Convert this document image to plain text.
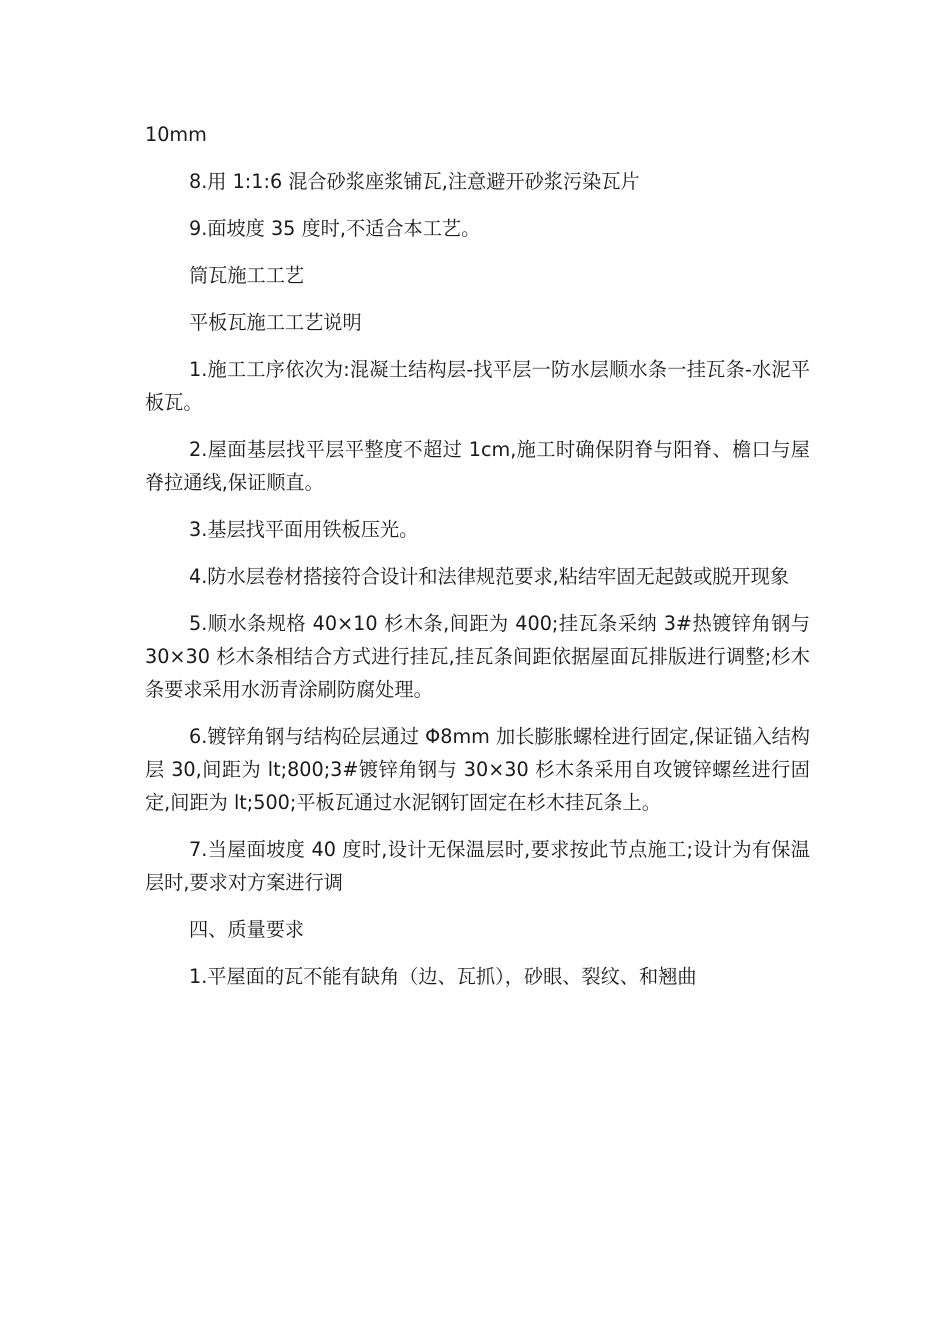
10mm

8.用 1:1:6 混合砂浆座浆铺瓦,注意避开砂浆污染瓦片

9.面坡度 35 度时,不适合本工艺。

筒瓦施工工艺

平板瓦施工工艺说明

1.施工工序依次为:混凝土结构层-找平层一防水层顺水条一挂瓦条-水泥平板瓦。

2.屋面基层找平层平整度不超过 1cm,施工时确保阴脊与阳脊、檐口与屋脊拉通线,保证顺直。

3.基层找平面用铁板压光。

4.防水层卷材搭接符合设计和法律规范要求,粘结牢固无起鼓或脱开现象

5.顺水条规格 40×10 杉木条,间距为 400;挂瓦条采纳 3#热镀锌角钢与 30×30 杉木条相结合方式进行挂瓦,挂瓦条间距依据屋面瓦排版进行调整;杉木条要求采用水沥青涂刷防腐处理。

6.镀锌角钢与结构砼层通过 Φ8mm 加长膨胀螺栓进行固定,保证锚入结构层 30,间距为 lt;800;3#镀锌角钢与 30×30 杉木条采用自攻镀锌螺丝进行固定,间距为 lt;500;平板瓦通过水泥钢钉固定在杉木挂瓦条上。

7.当屋面坡度 40 度时,设计无保温层时,要求按此节点施工;设计为有保温层时,要求对方案进行调

四、质量要求

1.平屋面的瓦不能有缺角（边、瓦抓），砂眼、裂纹、和翘曲
